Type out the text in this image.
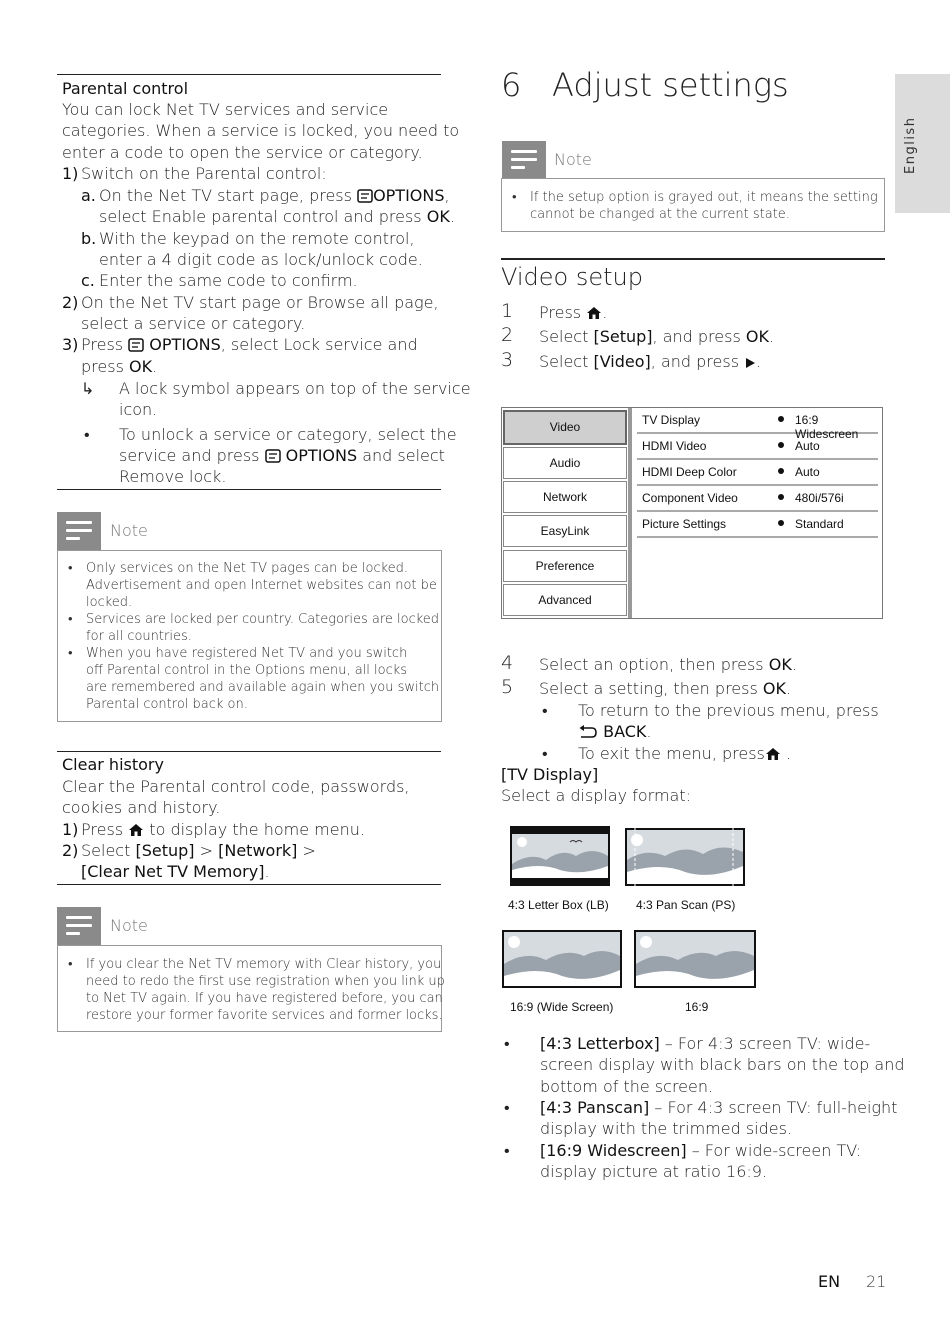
English
Parental control
You can lock Net TV services and service
categories. When a service is locked, you need to
enter a code to open the service or category.
1) Switch on the Parental control:
a. On the Net TV start page, press OPTIONS,
select Enable parental control and press OK.
b. With the keypad on the remote control,
enter a 4 digit code as lock/unlock code.
c. Enter the same code to confirm.
2) On the Net TV start page or Browse all page,
select a service or category.
3) Press OPTIONS, select Lock service and
press OK.
↳ A lock symbol appears on top of the service
icon.
• To unlock a service or category, select the
service and press OPTIONS and select
Remove lock.
Note
• Only services on the Net TV pages can be locked.
Advertisement and open Internet websites can not be
locked.
• Services are locked per country. Categories are locked
for all countries.
• When you have registered Net TV and you switch
off Parental control in the Options menu, all locks
are remembered and available again when you switch
Parental control back on.
Clear history
Clear the Parental control code, passwords,
cookies and history.
1) Press to display the home menu.
2) Select [Setup] > [Network] >
[Clear Net TV Memory].
Note
• If you clear the Net TV memory with Clear history, you
need to redo the first use registration when you link up
to Net TV again. If you have registered before, you can
restore your former favorite services and former locks.
6 Adjust settings
Note
• If the setup option is grayed out, it means the setting
cannot be changed at the current state.
Video setup
1 Press .
2 Select [Setup], and press OK.
3 Select [Video], and press .
Video
Audio
Network
EasyLink
Preference
Advanced
TV Display	16:9 Widescreen
HDMI Video	Auto
HDMI Deep Color	Auto
Component Video	480i/576i
Picture Settings	Standard
4 Select an option, then press OK.
5 Select a setting, then press OK.
• To return to the previous menu, press
BACK.
• To exit the menu, press .
[TV Display]
Select a display format:
4:3 Letter Box (LB) 4:3 Pan Scan (PS)
16:9 (Wide Screen)	16:9
• [4:3 Letterbox] – For 4:3 screen TV: wide-
screen display with black bars on the top and
bottom of the screen.
• [4:3 Panscan] – For 4:3 screen TV: full-height
display with the trimmed sides.
• [16:9 Widescreen] – For wide-screen TV:
display picture at ratio 16:9.
EN 21
